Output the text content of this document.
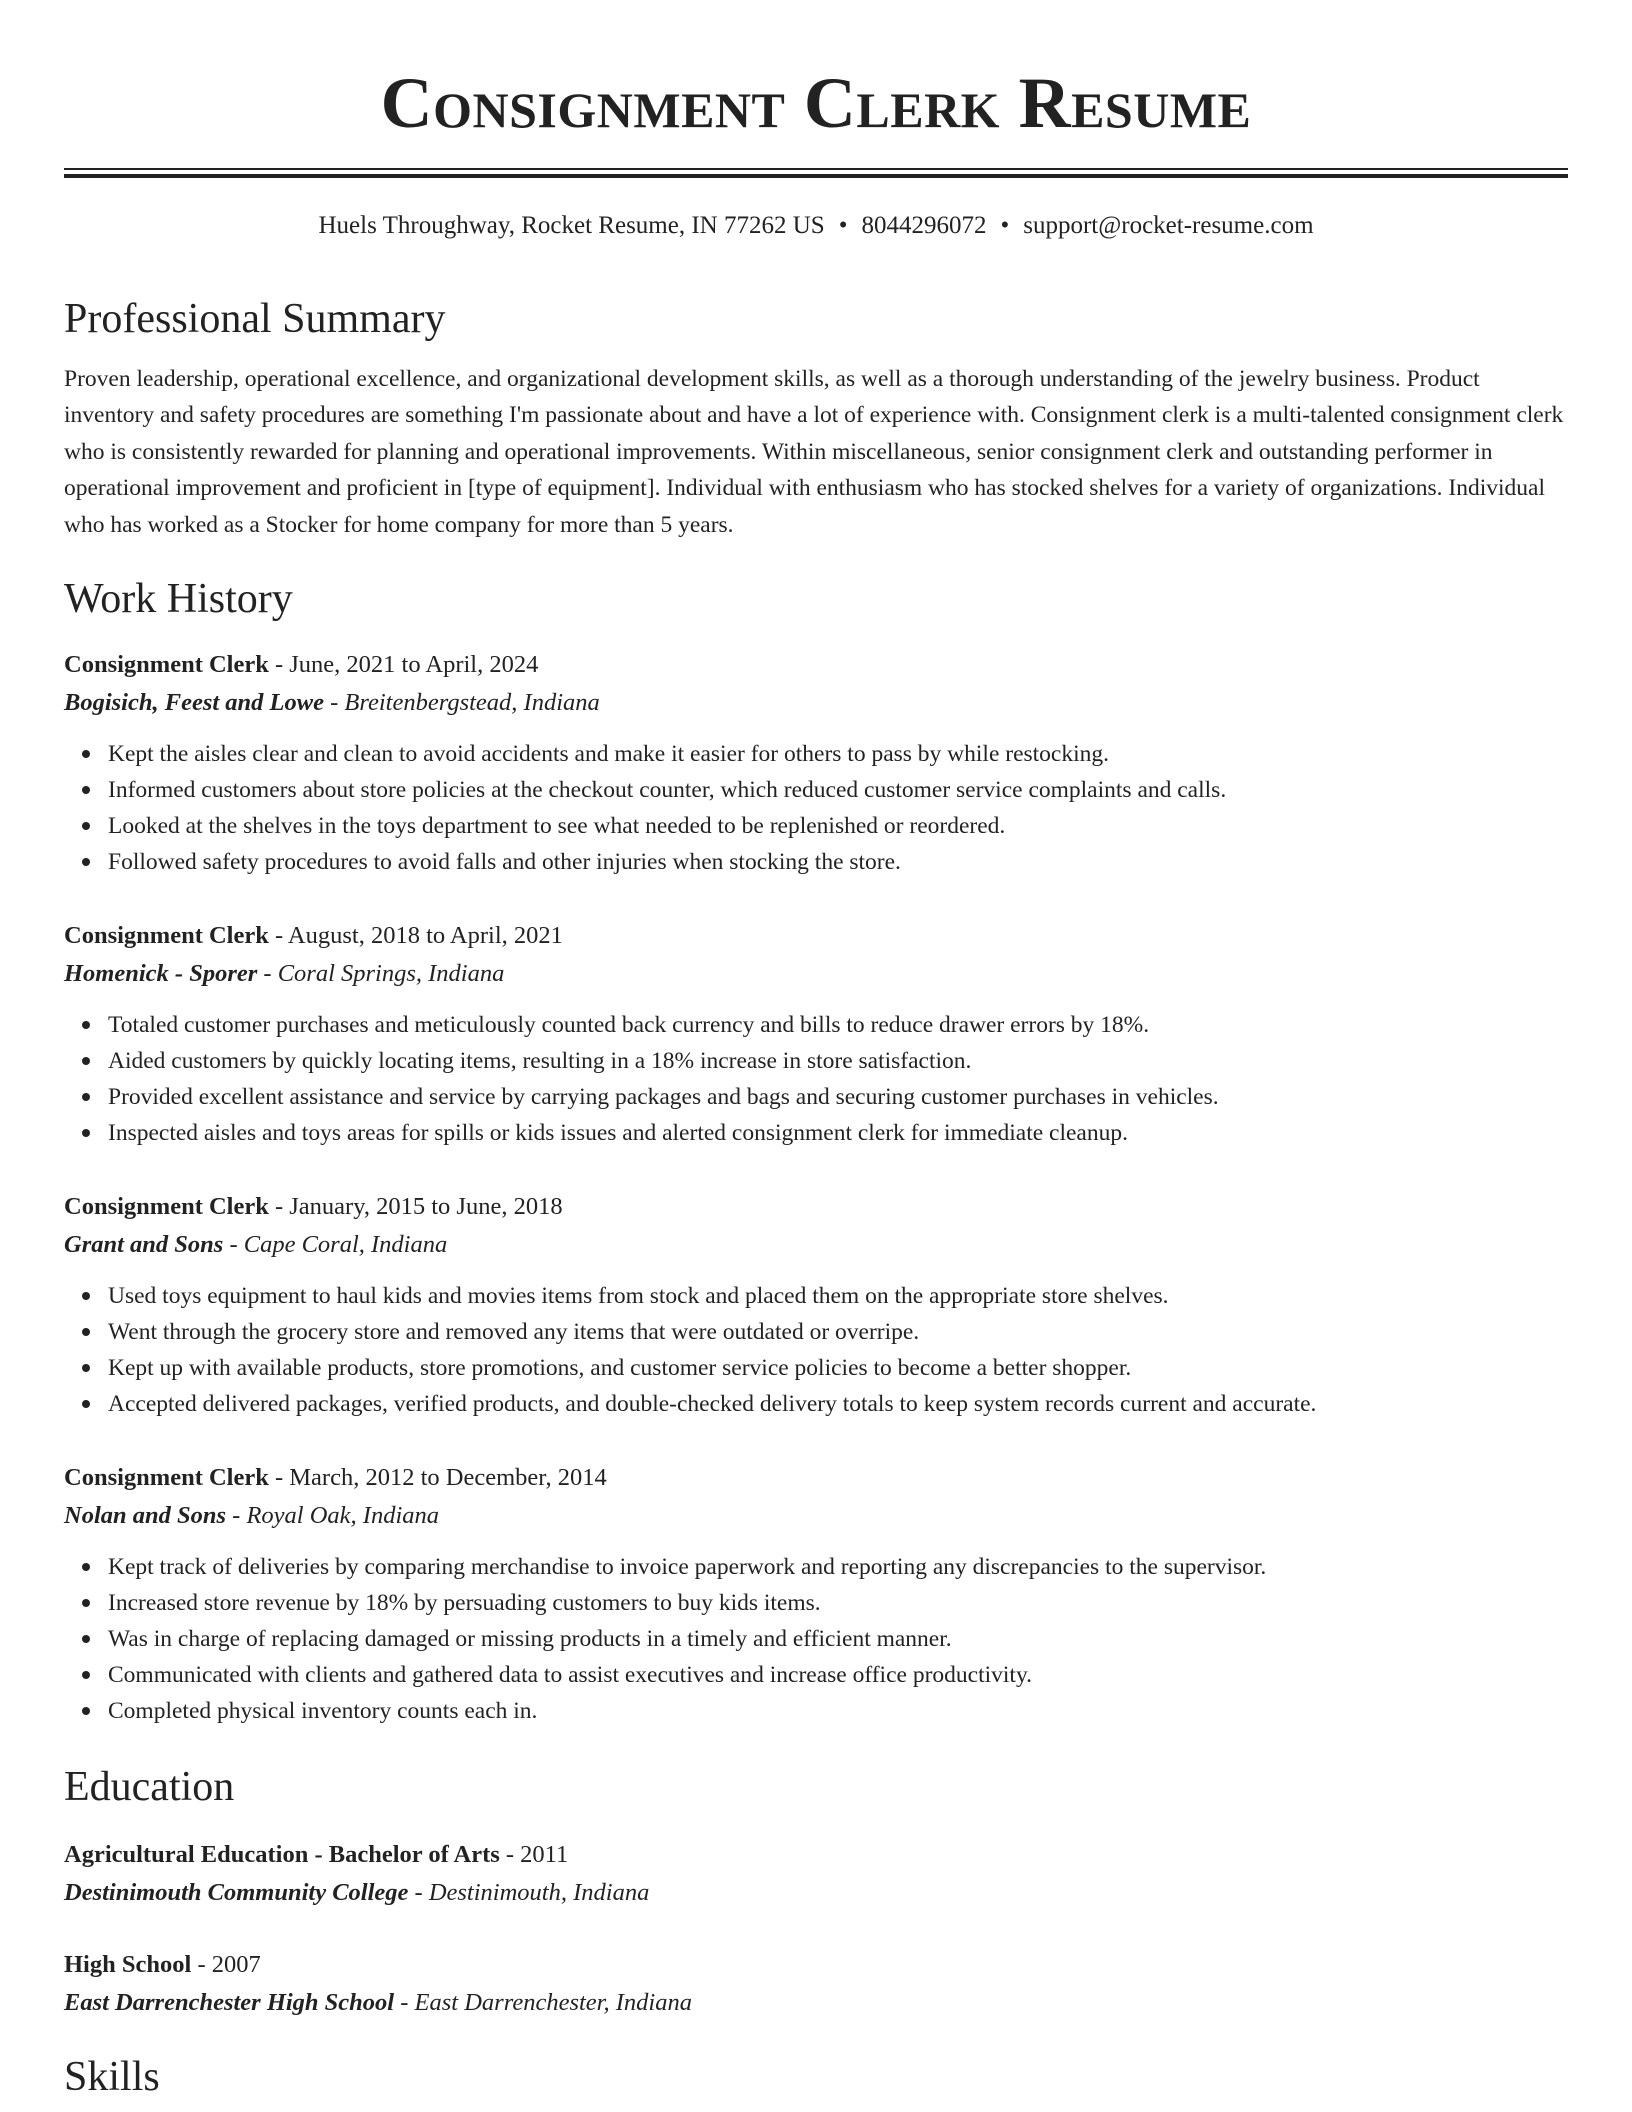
Consignment Clerk Resume
Huels Throughway, Rocket Resume, IN 77262 US • 8044296072 • support@rocket-resume.com
Professional Summary

Proven leadership, operational excellence, and organizational development skills, as well as a thorough understanding of the jewelry business. Product inventory and safety procedures are something I'm passionate about and have a lot of experience with. Consignment clerk is a multi-talented consignment clerk who is consistently rewarded for planning and operational improvements. Within miscellaneous, senior consignment clerk and outstanding performer in operational improvement and proficient in [type of equipment]. Individual with enthusiasm who has stocked shelves for a variety of organizations. Individual who has worked as a Stocker for home company for more than 5 years.

Work History
Consignment Clerk - June, 2021 to April, 2024
Bogisich, Feest and Lowe - Breitenbergstead, Indiana
Kept the aisles clear and clean to avoid accidents and make it easier for others to pass by while restocking.
Informed customers about store policies at the checkout counter, which reduced customer service complaints and calls.
Looked at the shelves in the toys department to see what needed to be replenished or reordered.
Followed safety procedures to avoid falls and other injuries when stocking the store.
Consignment Clerk - August, 2018 to April, 2021
Homenick - Sporer - Coral Springs, Indiana
Totaled customer purchases and meticulously counted back currency and bills to reduce drawer errors by 18%.
Aided customers by quickly locating items, resulting in a 18% increase in store satisfaction.
Provided excellent assistance and service by carrying packages and bags and securing customer purchases in vehicles.
Inspected aisles and toys areas for spills or kids issues and alerted consignment clerk for immediate cleanup.
Consignment Clerk - January, 2015 to June, 2018
Grant and Sons - Cape Coral, Indiana
Used toys equipment to haul kids and movies items from stock and placed them on the appropriate store shelves.
Went through the grocery store and removed any items that were outdated or overripe.
Kept up with available products, store promotions, and customer service policies to become a better shopper.
Accepted delivered packages, verified products, and double-checked delivery totals to keep system records current and accurate.
Consignment Clerk - March, 2012 to December, 2014
Nolan and Sons - Royal Oak, Indiana
Kept track of deliveries by comparing merchandise to invoice paperwork and reporting any discrepancies to the supervisor.
Increased store revenue by 18% by persuading customers to buy kids items.
Was in charge of replacing damaged or missing products in a timely and efficient manner.
Communicated with clients and gathered data to assist executives and increase office productivity.
Completed physical inventory counts each in.
Education
Agricultural Education - Bachelor of Arts - 2011
Destinimouth Community College - Destinimouth, Indiana
High School - 2007
East Darrenchester High School - East Darrenchester, Indiana
Skills
